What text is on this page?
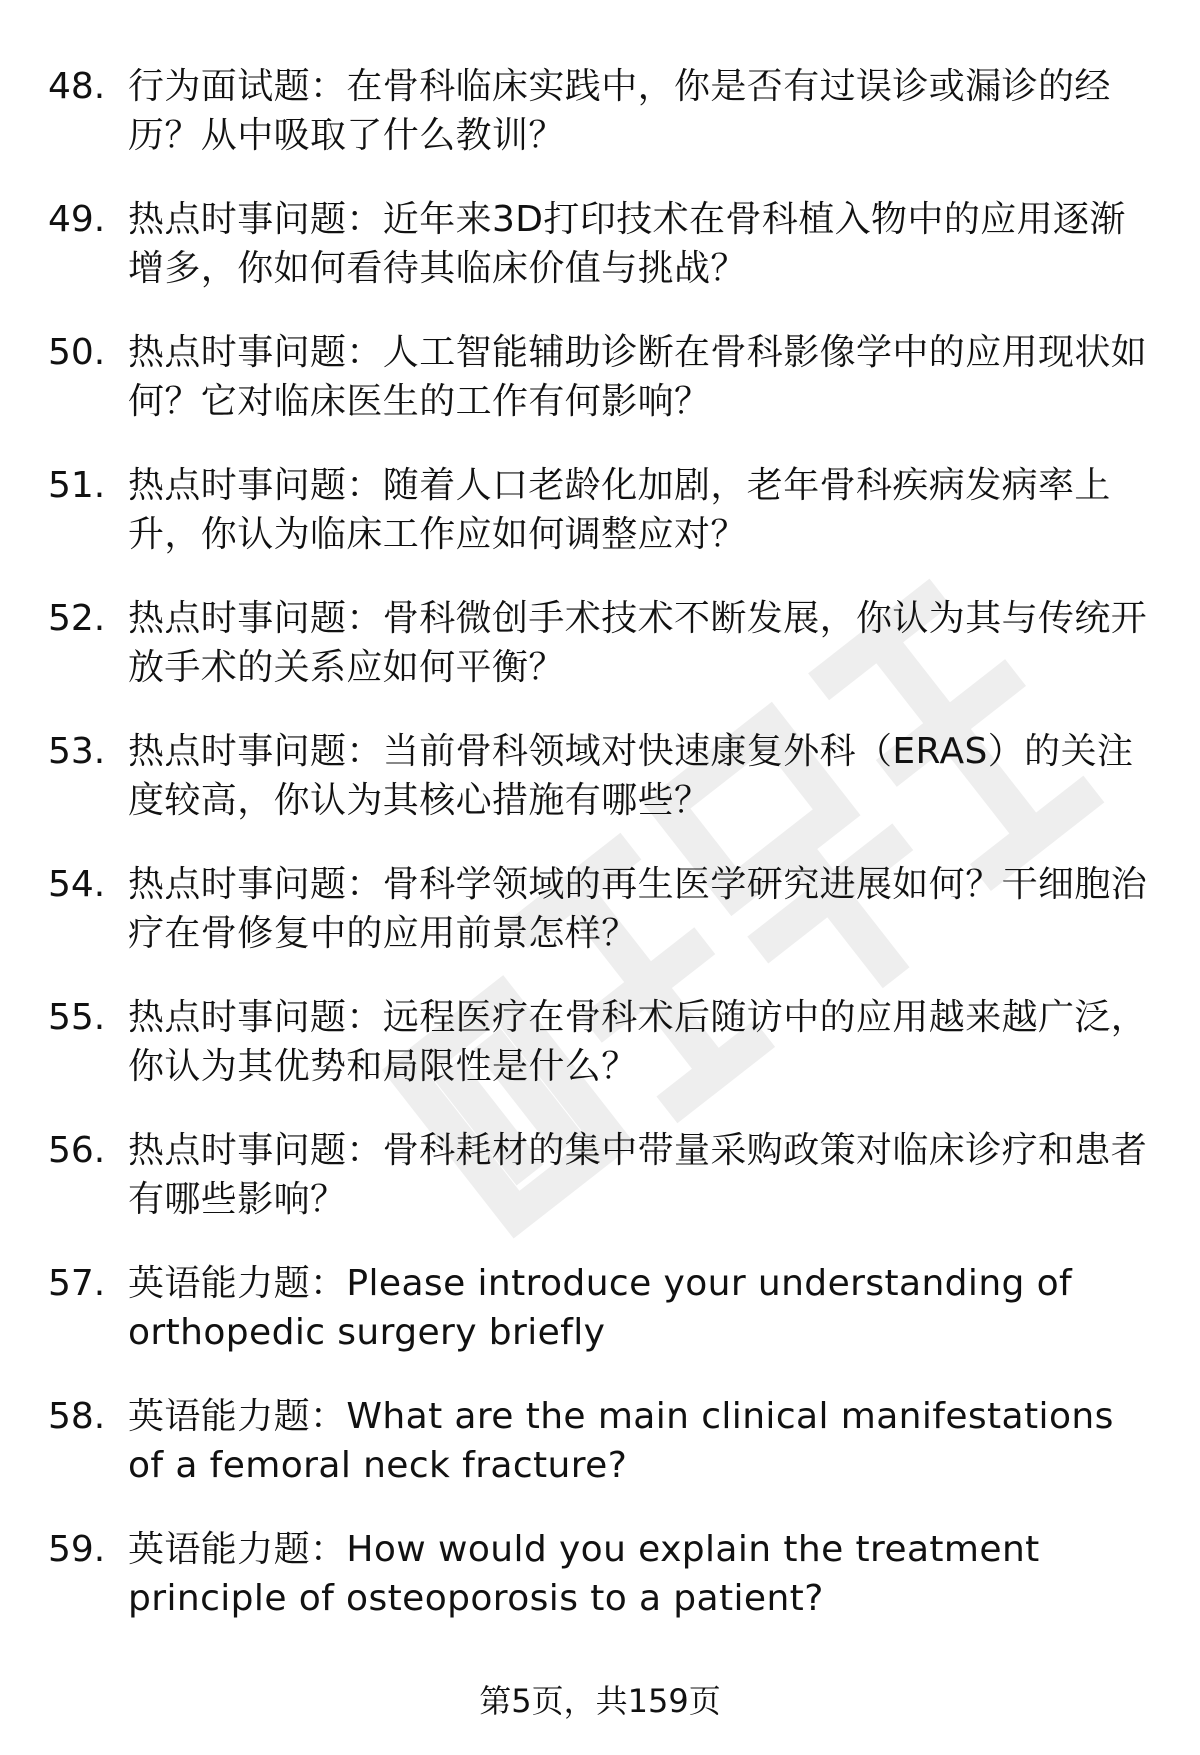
48. 行为面试题：在骨科临床实践中，你是否有过误诊或漏诊的经历？从中吸取了什么教训？
49. 热点时事问题：近年来3D打印技术在骨科植入物中的应用逐渐增多，你如何看待其临床价值与挑战？
50. 热点时事问题：人工智能辅助诊断在骨科影像学中的应用现状如何？它对临床医生的工作有何影响？
51. 热点时事问题：随着人口老龄化加剧，老年骨科疾病发病率上升，你认为临床工作应如何调整应对？
52. 热点时事问题：骨科微创手术技术不断发展，你认为其与传统开放手术的关系应如何平衡？
53. 热点时事问题：当前骨科领域对快速康复外科（ERAS）的关注度较高，你认为其核心措施有哪些？
54. 热点时事问题：骨科学领域的再生医学研究进展如何？干细胞治疗在骨修复中的应用前景怎样？
55. 热点时事问题：远程医疗在骨科术后随访中的应用越来越广泛，你认为其优势和局限性是什么？
56. 热点时事问题：骨科耗材的集中带量采购政策对临床诊疗和患者有哪些影响？
57. 英语能力题：Please introduce your understanding of orthopedic surgery briefly
58. 英语能力题：What are the main clinical manifestations of a femoral neck fracture?
59. 英语能力题：How would you explain the treatment principle of osteoporosis to a patient?
第5页，共159页
